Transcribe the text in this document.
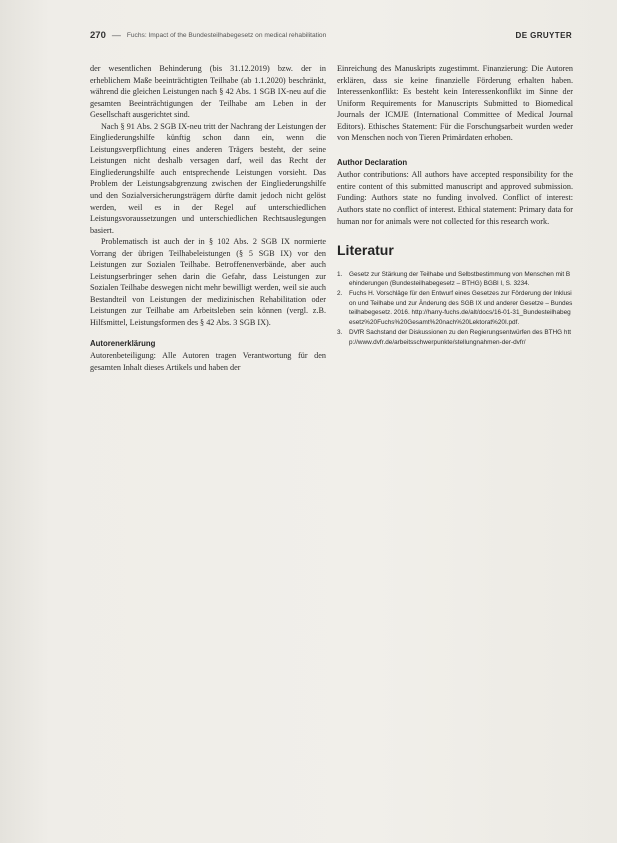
270 — Fuchs: Impact of the Bundesteilhabegesetz on medical rehabilitation	DE GRUYTER

der wesentlichen Behinderung (bis 31.12.2019) bzw. der in erheblichem Maße beeinträchtigten Teilhabe (ab 1.1.2020) beschränkt, während die gleichen Leistungen nach § 42 Abs. 1 SGB IX-neu auf die gesamten Beeinträchtigungen der Teilhabe am Leben in der Gesellschaft ausgerichtet sind.

Nach § 91 Abs. 2 SGB IX-neu tritt der Nachrang der Leistungen der Eingliederungshilfe künftig schon dann ein, wenn die Leistungsverpflichtung eines anderen Trägers besteht, der seine Leistungen nicht deshalb versagen darf, weil das Recht der Eingliederungshilfe auch entsprechende Leistungen vorsieht. Das Problem der Leistungsabgrenzung zwischen der Eingliederungshilfe und den Sozialversicherungsträgern dürfte damit jedoch nicht gelöst werden, weil es in der Regel auf unterschiedlichen Leistungsvoraussetzungen und unterschiedlichen Rechtsauslegungen basiert.

Problematisch ist auch der in § 102 Abs. 2 SGB IX normierte Vorrang der übrigen Teilhabeleistungen (§ 5 SGB IX) vor den Leistungen zur Sozialen Teilhabe. Betroffenenverbände, aber auch Leistungserbringer sehen darin die Gefahr, dass Leistungen zur Sozialen Teilhabe deswegen nicht mehr bewilligt werden, weil sie auch Bestandteil von Leistungen der medizinischen Rehabilitation oder Leistungen zur Teilhabe am Arbeitsleben sein können (vergl. z.B. Hilfsmittel, Leistungsformen des § 42 Abs. 3 SGB IX).

Autorenerklärung

Autorenbeteiligung: Alle Autoren tragen Verantwortung für den gesamten Inhalt dieses Artikels und haben der

Einreichung des Manuskripts zugestimmt. Finanzierung: Die Autoren erklären, dass sie keine finanzielle Förderung erhalten haben. Interessenkonflikt: Es besteht kein Interessenkonflikt im Sinne der Uniform Requirements for Manuscripts Submitted to Biomedical Journals der ICMJE (International Committee of Medical Journal Editors). Ethisches Statement: Für die Forschungsarbeit wurden weder von Menschen noch von Tieren Primärdaten erhoben.

Author Declaration

Author contributions: All authors have accepted responsibility for the entire content of this submitted manuscript and approved submission. Funding: Authors state no funding involved. Conflict of interest: Authors state no conflict of interest. Ethical statement: Primary data for human nor for animals were not collected for this research work.

Literatur
1.	Gesetz zur Stärkung der Teilhabe und Selbstbestimmung von Menschen mit Behinderungen (Bundesteilhabegesetz – BTHG) BGBl I, S. 3234.
2.	Fuchs H. Vorschläge für den Entwurf eines Gesetzes zur Förderung der Inklusion und Teilhabe und zur Änderung des SGB IX und anderer Gesetze – Bundesteilhabegesetz. 2016. http://harry-fuchs.de/alt/docs/16-01-31_Bundesteilhabegesetz%20Fuchs%20Gesamt%20nach%20Lektorat%20I.pdf.
3.	DVfR Sachstand der Diskussionen zu den Regierungsentwürfen des BTHG http://www.dvfr.de/arbeitsschwerpunkte/stellungnahmen-der-dvfr/
